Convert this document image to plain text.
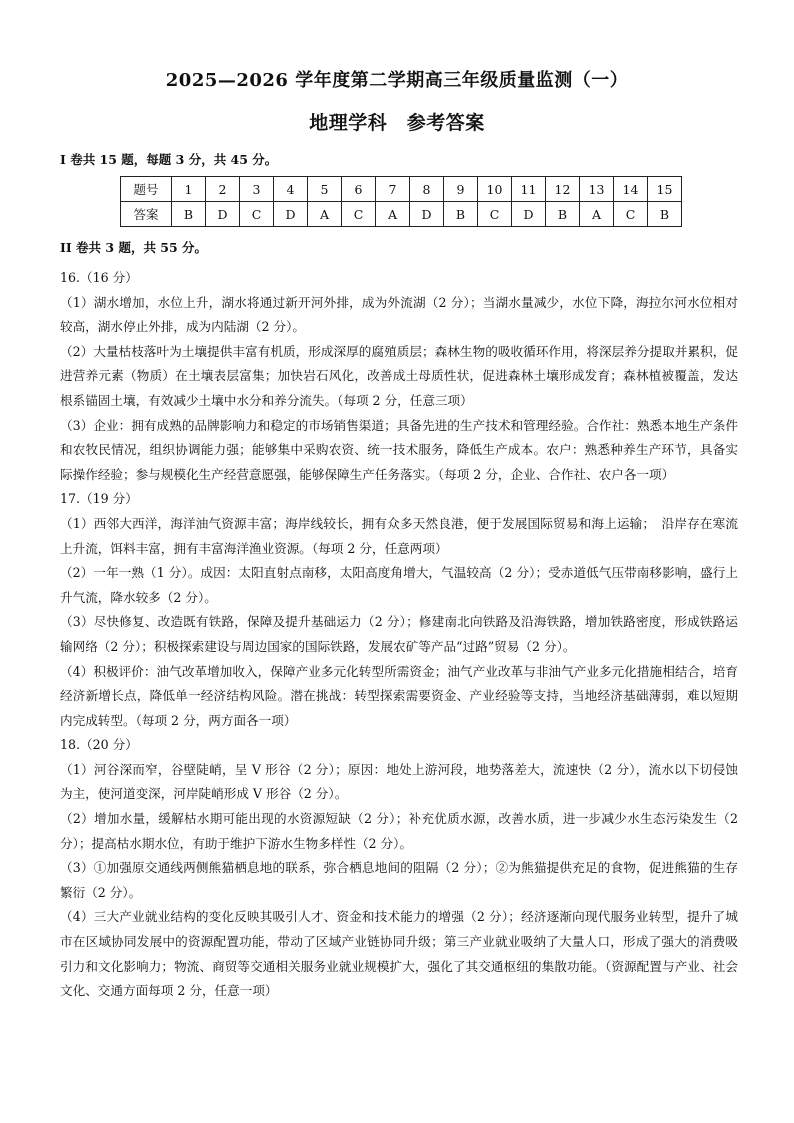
2025—2026 学年度第二学期高三年级质量监测（一）
地理学科　参考答案
I 卷共 15 题，每题 3 分，共 45 分。
题号	1	2	3	4	5	6	7	8	9	10	11	12	13	14	15
答案	B	D	C	D	A	C	A	D	B	C	D	B	A	C	B
II 卷共 3 题，共 55 分。

16.（16 分）

（1）湖水增加，水位上升，湖水将通过新开河外排，成为外流湖（2 分）；当湖水量减少，水位下降，海拉尔河水位相对较高，湖水停止外排，成为内陆湖（2 分）。

（2）大量枯枝落叶为土壤提供丰富有机质，形成深厚的腐殖质层；森林生物的吸收循环作用，将深层养分提取并累积，促进营养元素（物质）在土壤表层富集；加快岩石风化，改善成土母质性状，促进森林土壤形成发育；森林植被覆盖，发达根系锚固土壤，有效减少土壤中水分和养分流失。（每项 2 分，任意三项）

（3）企业：拥有成熟的品牌影响力和稳定的市场销售渠道；具备先进的生产技术和管理经验。合作社：熟悉本地生产条件和农牧民情况，组织协调能力强；能够集中采购农资、统一技术服务，降低生产成本。农户：熟悉种养生产环节，具备实际操作经验；参与规模化生产经营意愿强，能够保障生产任务落实。（每项 2 分，企业、合作社、农户各一项）

17.（19 分）

（1）西邻大西洋，海洋油气资源丰富；海岸线较长，拥有众多天然良港，便于发展国际贸易和海上运输；　沿岸存在寒流上升流，饵料丰富，拥有丰富海洋渔业资源。（每项 2 分，任意两项）

（2）一年一熟（1 分）。成因：太阳直射点南移，太阳高度角增大，气温较高（2 分）；受赤道低气压带南移影响，盛行上升气流，降水较多（2 分）。

（3）尽快修复、改造既有铁路，保障及提升基础运力（2 分）；修建南北向铁路及沿海铁路，增加铁路密度，形成铁路运输网络（2 分）；积极探索建设与周边国家的国际铁路，发展农矿等产品“过路”贸易（2 分）。

（4）积极评价：油气改革增加收入，保障产业多元化转型所需资金；油气产业改革与非油气产业多元化措施相结合，培育经济新增长点，降低单一经济结构风险。潜在挑战：转型探索需要资金、产业经验等支持，当地经济基础薄弱，难以短期内完成转型。（每项 2 分，两方面各一项）

18.（20 分）

（1）河谷深而窄，谷壁陡峭，呈 V 形谷（2 分）；原因：地处上游河段，地势落差大，流速快（2 分），流水以下切侵蚀为主，使河道变深，河岸陡峭形成 V 形谷（2 分）。

（2）增加水量，缓解枯水期可能出现的水资源短缺（2 分）；补充优质水源，改善水质，进一步减少水生态污染发生（2 分）；提高枯水期水位，有助于维护下游水生物多样性（2 分）。

（3）①加强原交通线两侧熊猫栖息地的联系，弥合栖息地间的阻隔（2 分）；②为熊猫提供充足的食物，促进熊猫的生存繁衍（2 分）。

（4）三大产业就业结构的变化反映其吸引人才、资金和技术能力的增强（2 分）；经济逐渐向现代服务业转型，提升了城市在区域协同发展中的资源配置功能，带动了区域产业链协同升级；第三产业就业吸纳了大量人口，形成了强大的消费吸引力和文化影响力；物流、商贸等交通相关服务业就业规模扩大，强化了其交通枢纽的集散功能。（资源配置与产业、社会文化、交通方面每项 2 分，任意一项）
